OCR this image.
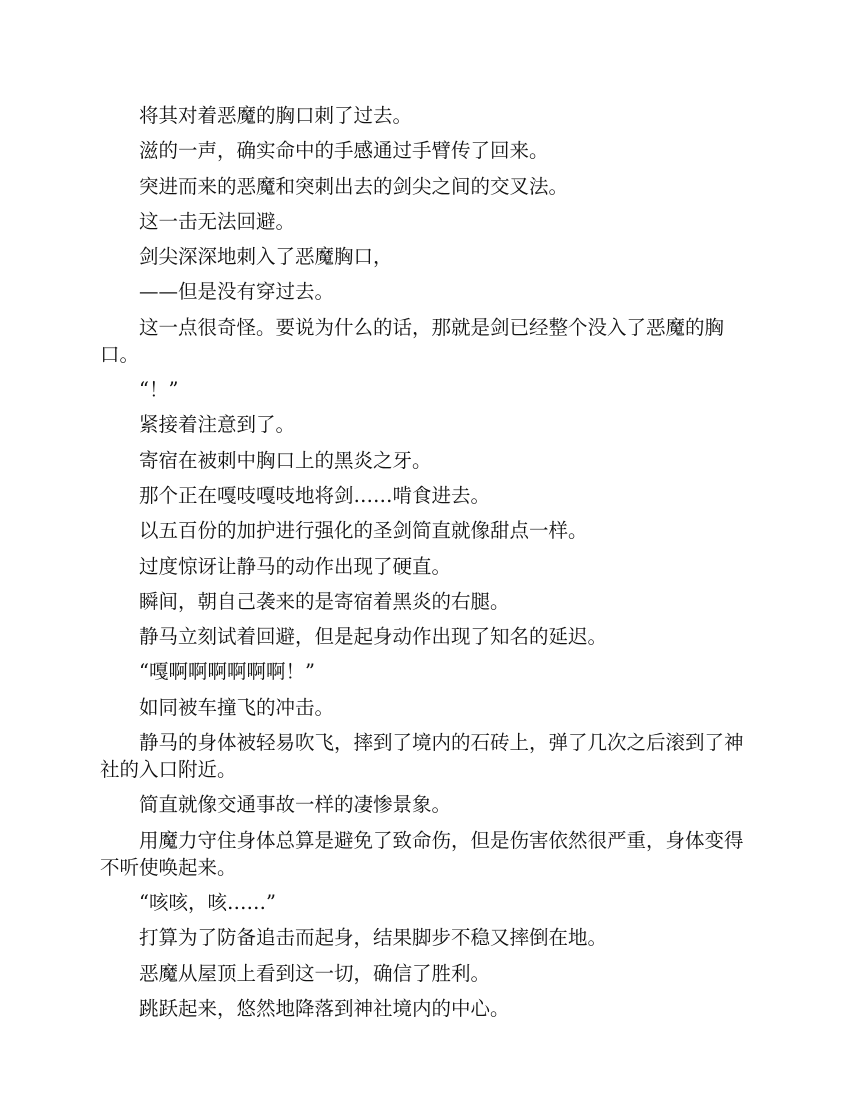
将其对着恶魔的胸口刺了过去。

滋的一声，确实命中的手感通过手臂传了回来。

突进而来的恶魔和突刺出去的剑尖之间的交叉法。

这一击无法回避。

剑尖深深地刺入了恶魔胸口，

——但是没有穿过去。

这一点很奇怪。要说为什么的话，那就是剑已经整个没入了恶魔的胸口。

“！”

紧接着注意到了。

寄宿在被刺中胸口上的黑炎之牙。

那个正在嘎吱嘎吱地将剑……啃食进去。

以五百份的加护进行强化的圣剑简直就像甜点一样。

过度惊讶让静马的动作出现了硬直。

瞬间，朝自己袭来的是寄宿着黑炎的右腿。

静马立刻试着回避，但是起身动作出现了知名的延迟。

“嘎啊啊啊啊啊啊！”

如同被车撞飞的冲击。

静马的身体被轻易吹飞，摔到了境内的石砖上，弹了几次之后滚到了神社的入口附近。

简直就像交通事故一样的凄惨景象。

用魔力守住身体总算是避免了致命伤，但是伤害依然很严重，身体变得不听使唤起来。

“咳咳，咳……”

打算为了防备追击而起身，结果脚步不稳又摔倒在地。

恶魔从屋顶上看到这一切，确信了胜利。

跳跃起来，悠然地降落到神社境内的中心。
